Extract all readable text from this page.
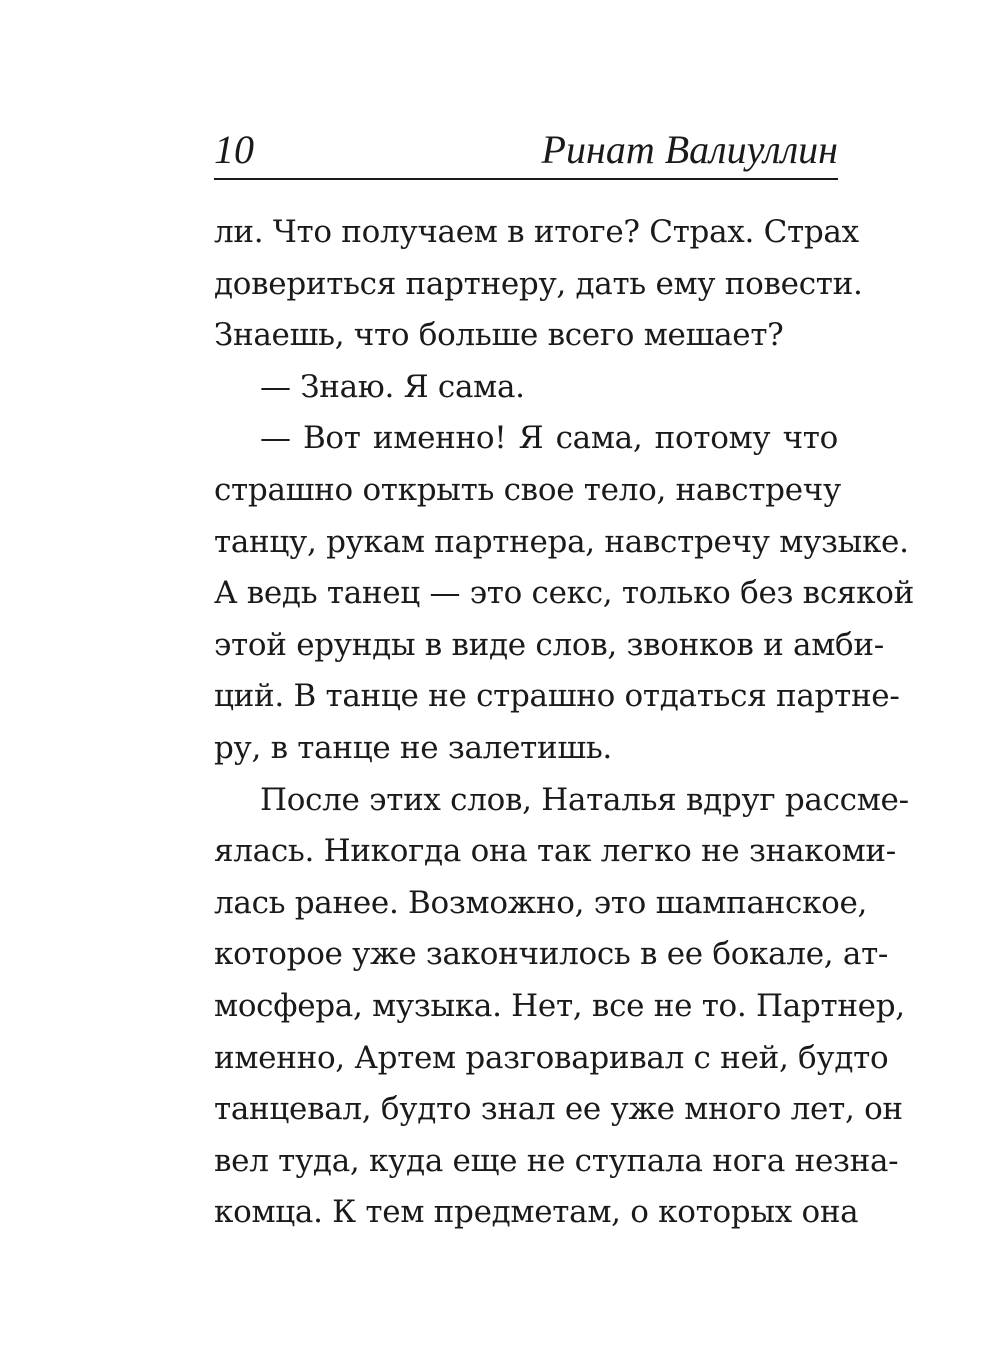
10	Ринат Валиуллин
ли. Что получаем в итоге? Страх. Страх
довериться партнеру, дать ему повести.
Знаешь, что больше всего мешает?
— Знаю. Я сама.
— Вот именно! Я сама, потому что
страшно открыть свое тело, навстречу
танцу, рукам партнера, навстречу музыке.
А ведь танец — это секс, только без всякой
этой ерунды в виде слов, звонков и амби-
ций. В танце не страшно отдаться партне-
ру, в танце не залетишь.
После этих слов, Наталья вдруг рассме-
ялась. Никогда она так легко не знакоми-
лась ранее. Возможно, это шампанское,
которое уже закончилось в ее бокале, ат-
мосфера, музыка. Нет, все не то. Партнер,
именно, Артем разговаривал с ней, будто
танцевал, будто знал ее уже много лет, он
вел туда, куда еще не ступала нога незна-
комца. К тем предметам, о которых она
